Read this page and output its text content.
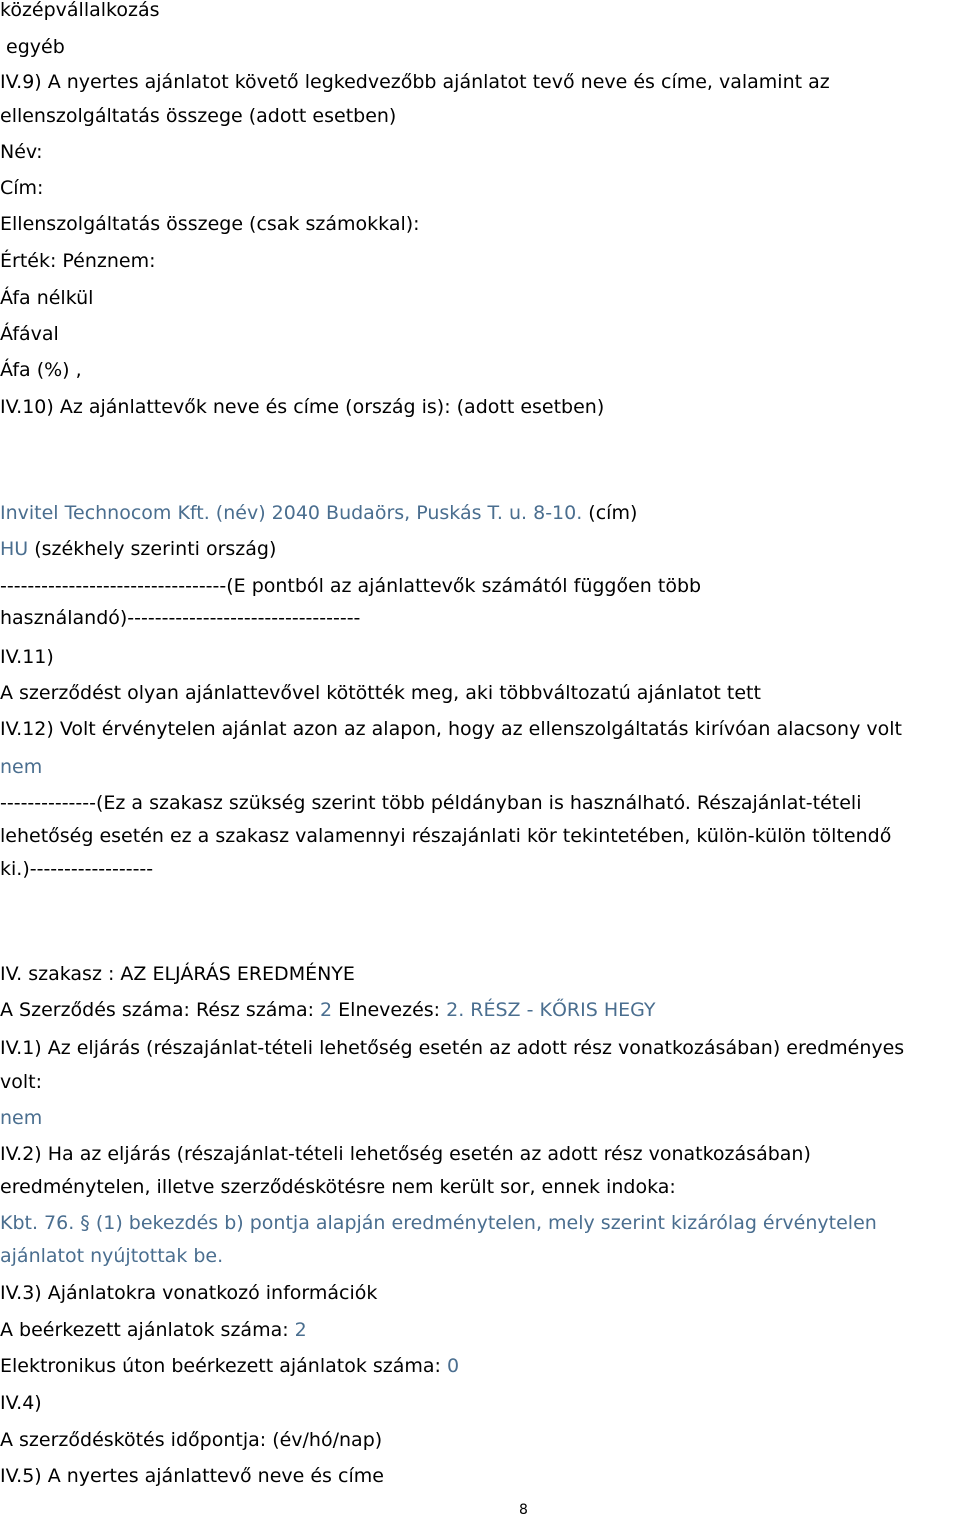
középvállalkozás
egyéb
IV.9) A nyertes ajánlatot követő legkedvezőbb ajánlatot tevő neve és címe, valamint az
ellenszolgáltatás összege (adott esetben)
Név:
Cím:
Ellenszolgáltatás összege (csak számokkal):
Érték: Pénznem:
Áfa nélkül
Áfával
Áfa (%) ,
IV.10) Az ajánlattevők neve és címe (ország is): (adott esetben)
Invitel Technocom Kft. (név) 2040 Budaörs, Puskás T. u. 8-10. (cím)
HU (székhely szerinti ország)
---------------------------------(E pontból az ajánlattevők számától függően több
használandó)----------------------------------
IV.11)
A szerződést olyan ajánlattevővel kötötték meg, aki többváltozatú ajánlatot tett
IV.12) Volt érvénytelen ajánlat azon az alapon, hogy az ellenszolgáltatás kirívóan alacsony volt
nem
--------------(Ez a szakasz szükség szerint több példányban is használható. Részajánlat-tételi
lehetőség esetén ez a szakasz valamennyi részajánlati kör tekintetében, külön-külön töltendő
ki.)------------------
IV. szakasz : AZ ELJÁRÁS EREDMÉNYE
A Szerződés száma: Rész száma: 2 Elnevezés: 2. RÉSZ - KŐRIS HEGY
IV.1) Az eljárás (részajánlat-tételi lehetőség esetén az adott rész vonatkozásában) eredményes
volt:
nem
IV.2) Ha az eljárás (részajánlat-tételi lehetőség esetén az adott rész vonatkozásában)
eredménytelen, illetve szerződéskötésre nem került sor, ennek indoka:
Kbt. 76. § (1) bekezdés b) pontja alapján eredménytelen, mely szerint kizárólag érvénytelen
ajánlatot nyújtottak be.
IV.3) Ajánlatokra vonatkozó információk
A beérkezett ajánlatok száma: 2
Elektronikus úton beérkezett ajánlatok száma: 0
IV.4)
A szerződéskötés időpontja: (év/hó/nap)
IV.5) A nyertes ajánlattevő neve és címe
8
